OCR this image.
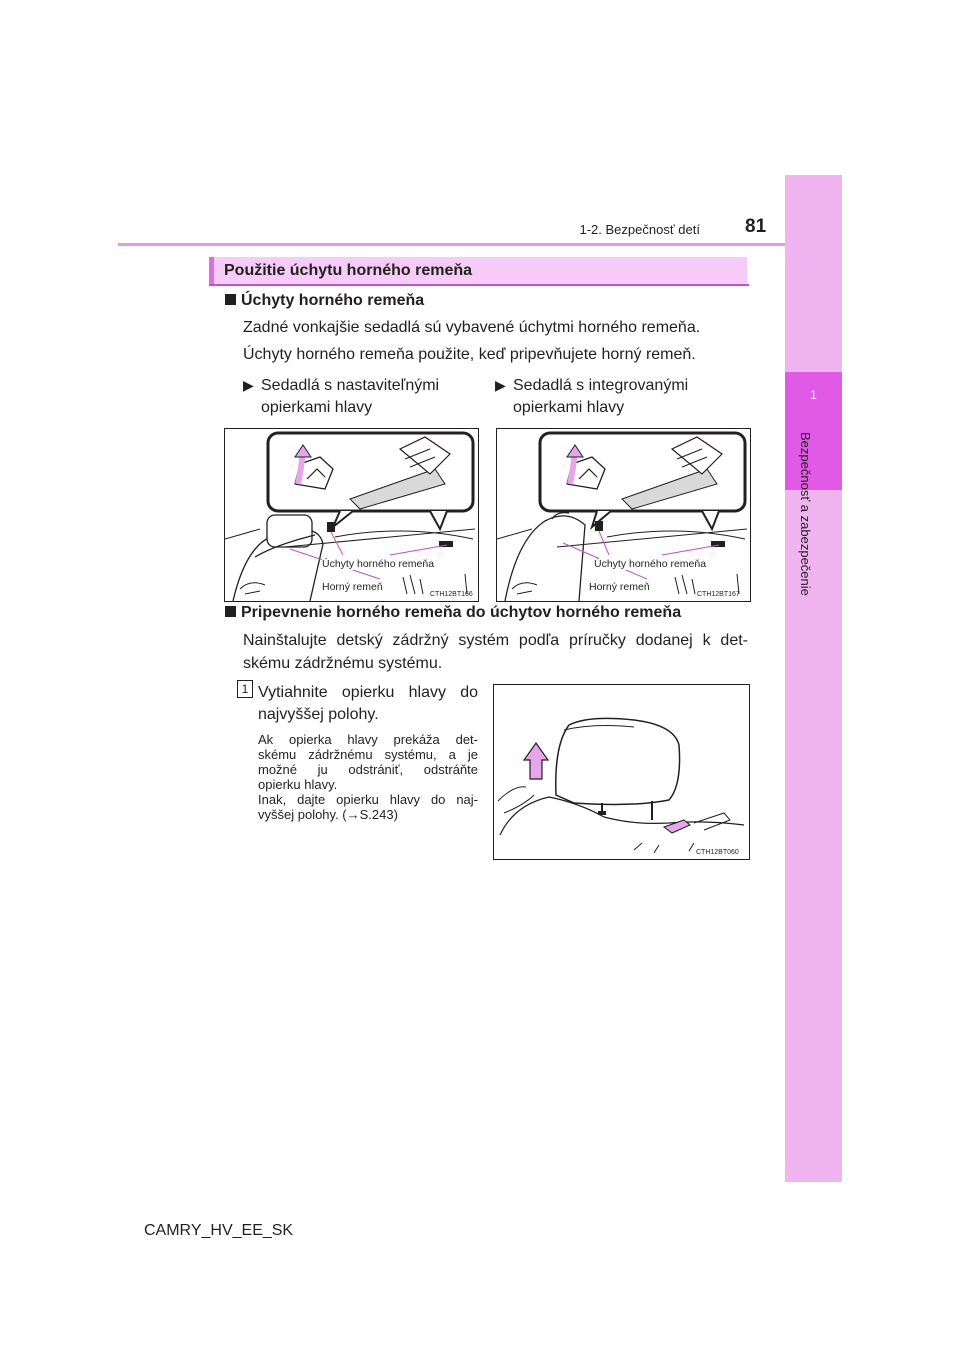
1
Bezpečnosť a zabezpečenie
1-2. Bezpečnosť detí 81
Použitie úchytu horného remeňa
Úchyty horného remeňa
Zadné vonkajšie sedadlá sú vybavené úchytmi horného remeňa.
Úchyty horného remeňa použite, keď pripevňujete horný remeň.
▶ Sedadlá s nastaviteľnými
opierkami hlavy
▶ Sedadlá s integrovanými
opierkami hlavy
Úchyty horného remeňa
Horný remeň
CTH12BT166
Úchyty horného remeňa
Horný remeň
CTH12BT167
Pripevnenie horného remeňa do úchytov horného remeňa
Nainštalujte detský zádržný systém podľa príručky dodanej k det-
skému zádržnému systému.
1 Vytiahnite opierku hlavy do
najvyššej polohy.
Ak opierka hlavy prekáža det-
skému zádržnému systému, a je
možné ju odstrániť, odstráňte
opierku hlavy.
Inak, dajte opierku hlavy do naj-
vyššej polohy. (→S.243)
CTH12BT060
CAMRY_HV_EE_SK
